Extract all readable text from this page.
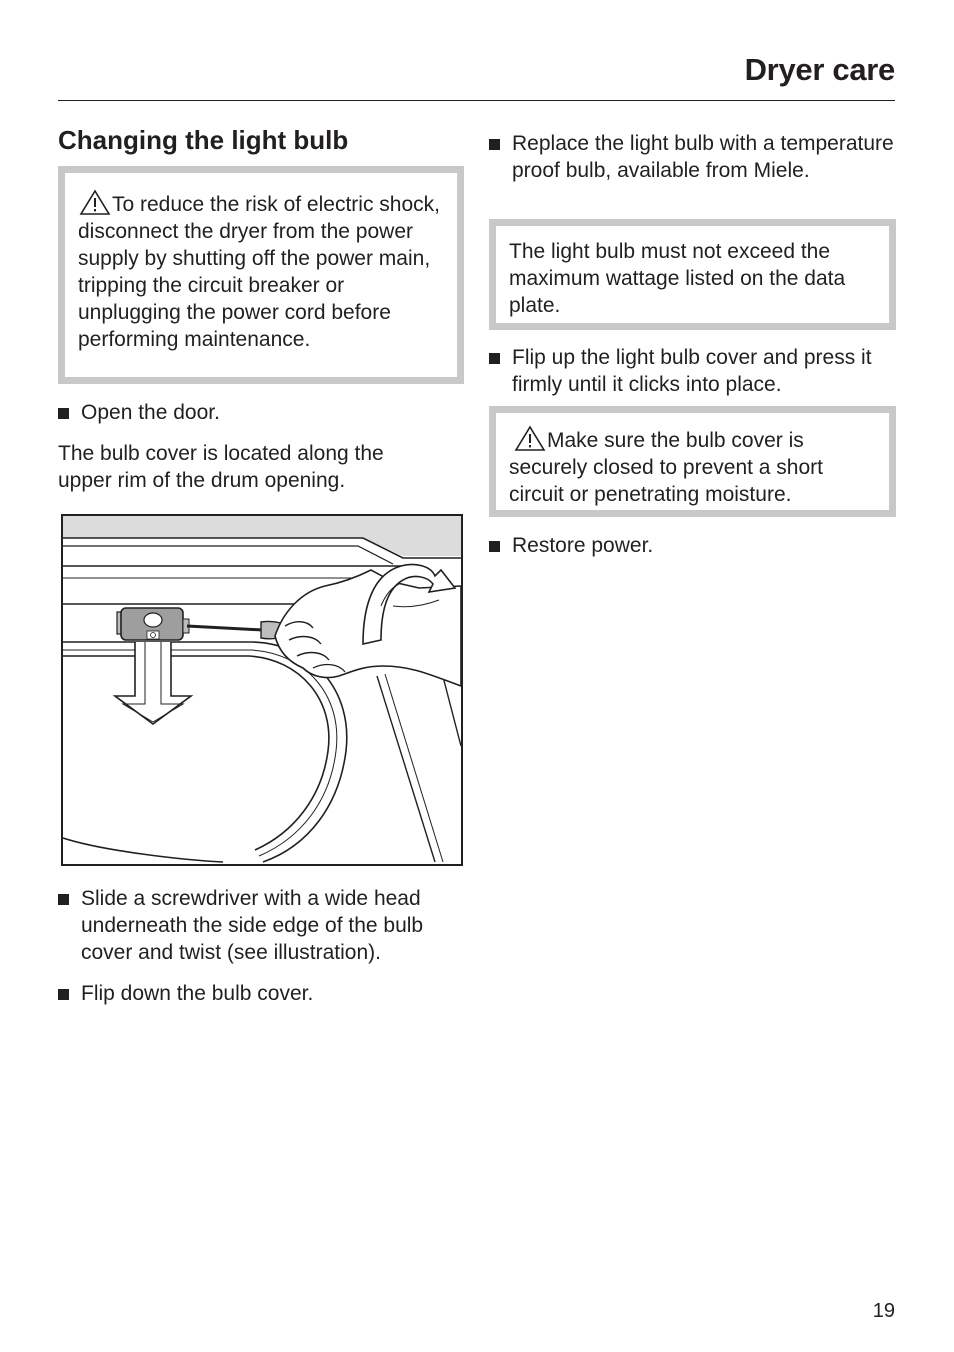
Dryer care
Changing the light bulb
To reduce the risk of electric shock, disconnect the dryer from the power supply by shutting off the power main, tripping the circuit breaker or unplugging the power cord before performing maintenance.
Open the door.
The bulb cover is located along the upper rim of the drum opening.
Slide a screwdriver with a wide head underneath the side edge of the bulb cover and twist (see illustration).
Flip down the bulb cover.
Replace the light bulb with a temperature proof bulb, available from Miele.
The light bulb must not exceed the maximum wattage listed on the data plate.
Flip up the light bulb cover and press it firmly until it clicks into place.
Make sure the bulb cover is securely closed to prevent a short circuit or penetrating moisture.
Restore power.
19
